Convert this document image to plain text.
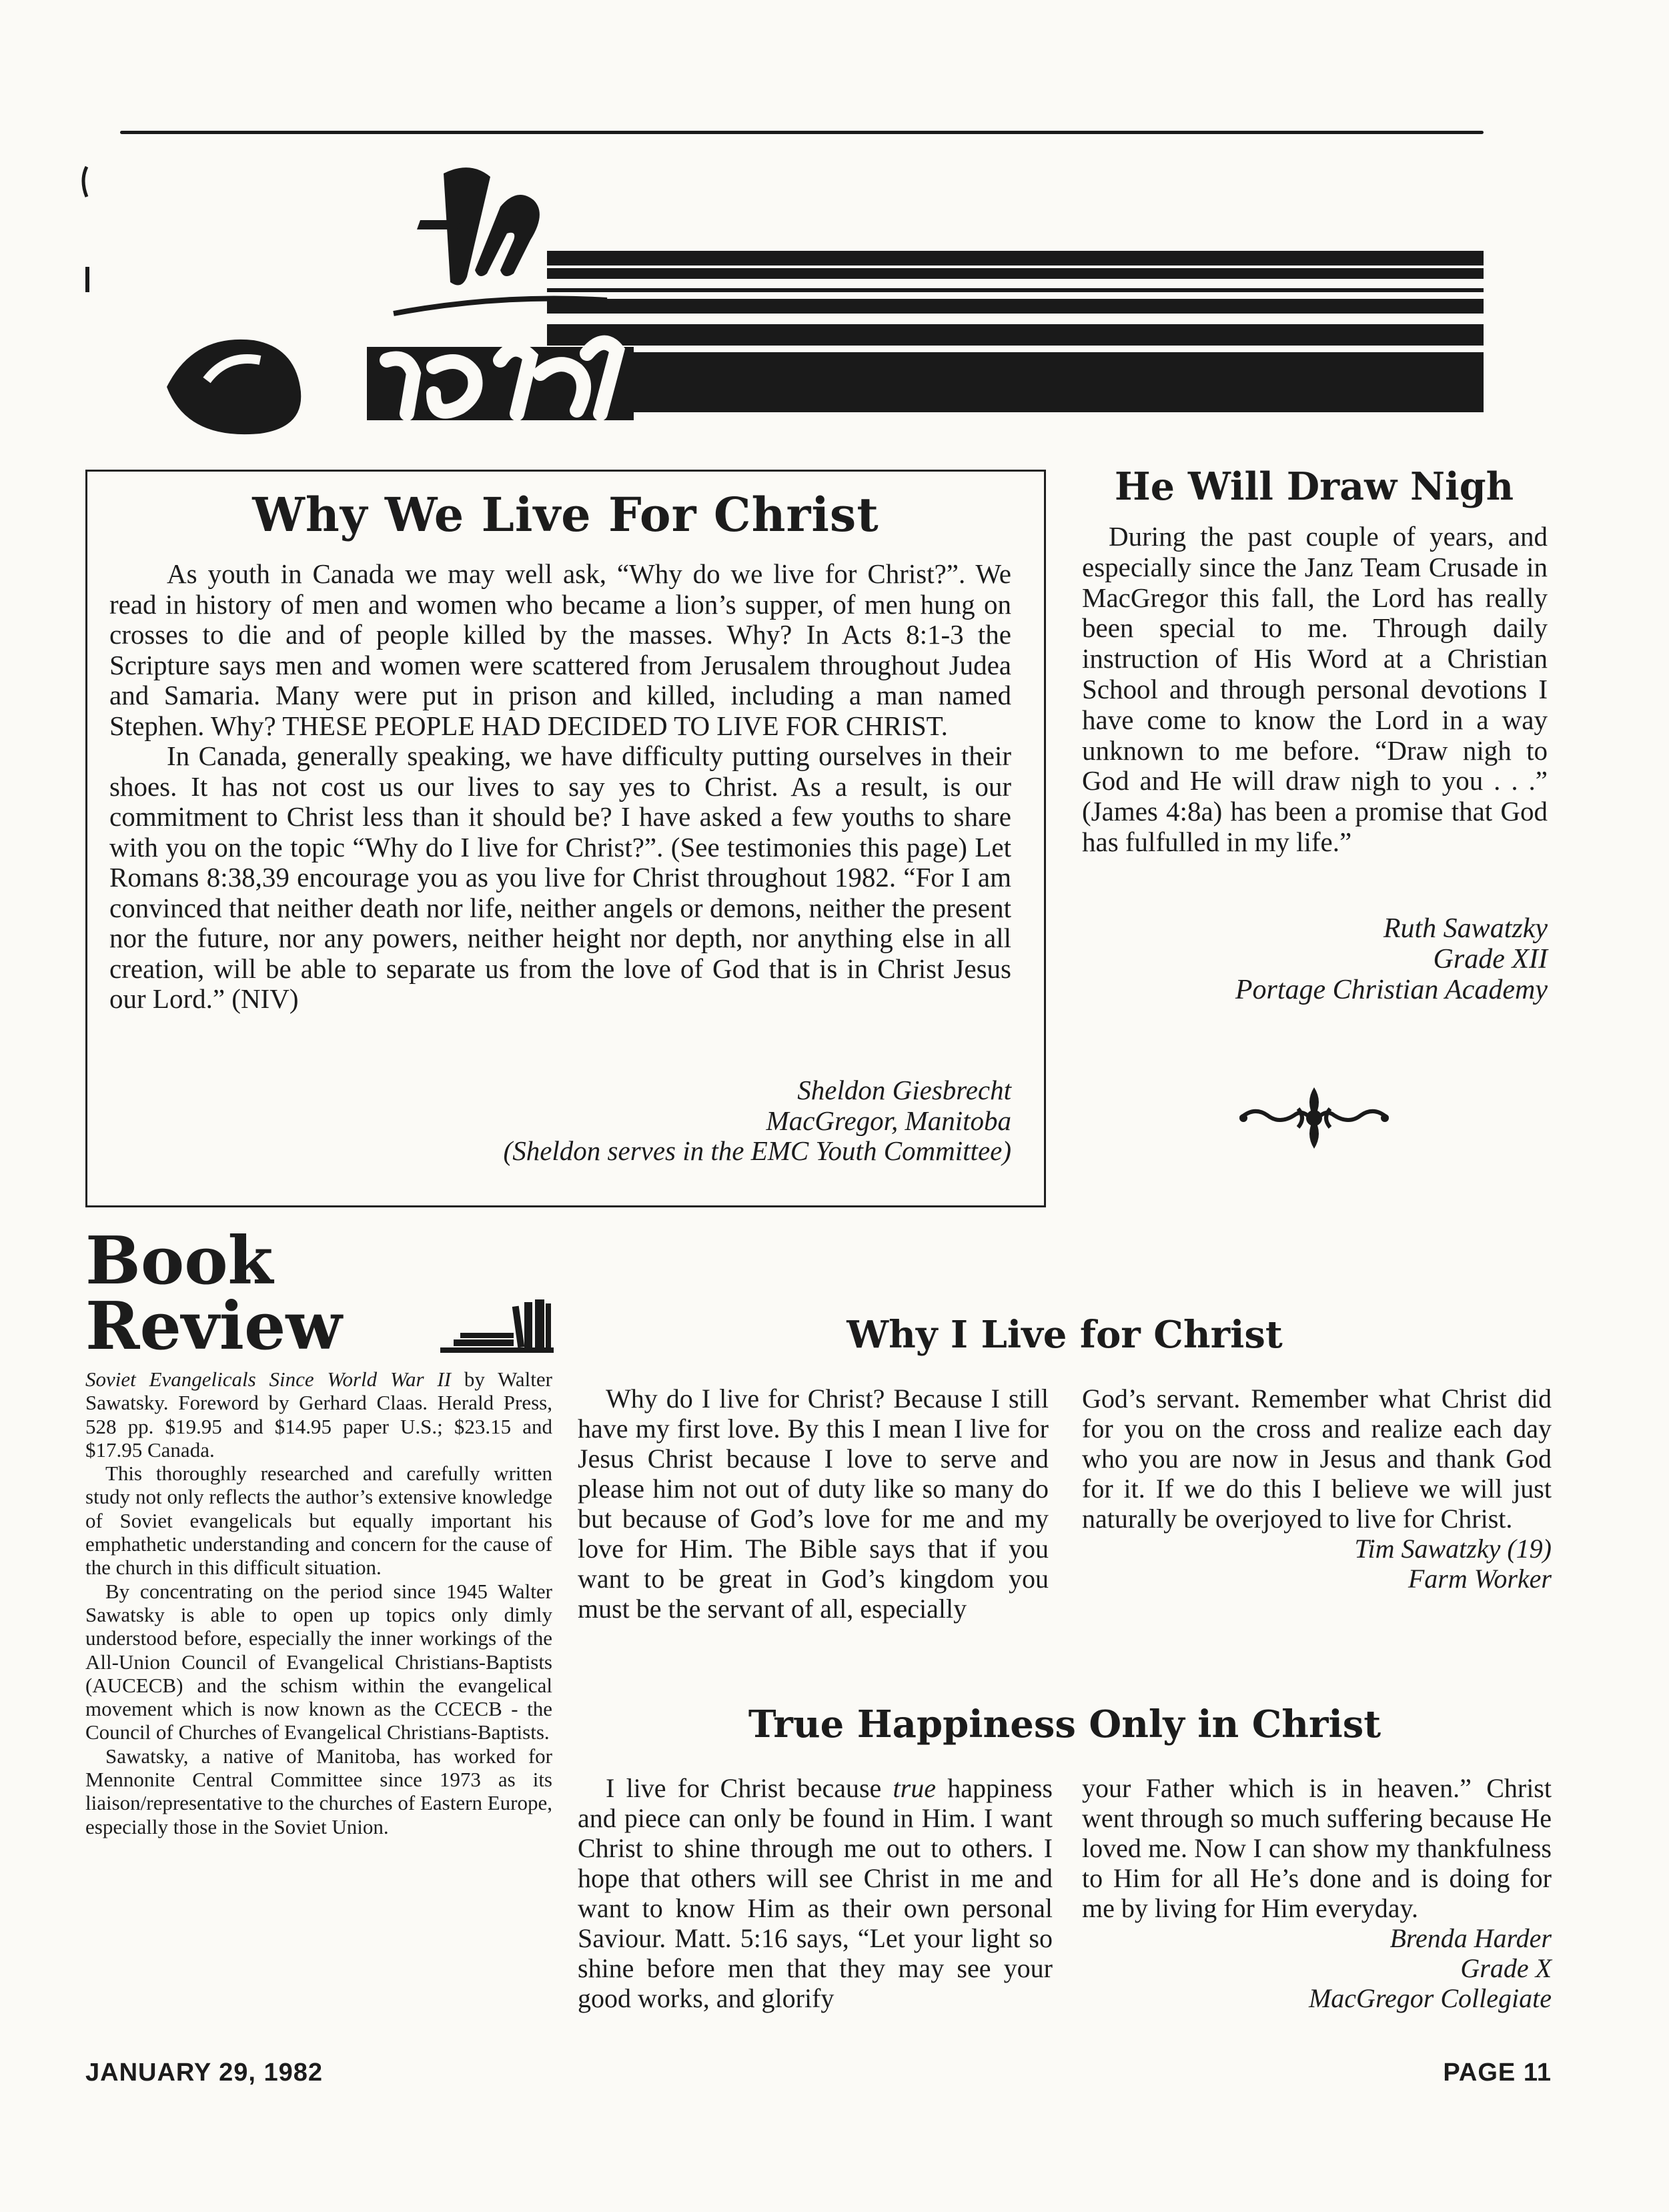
Why We Live For Christ

As youth in Canada we may well ask, “Why do we live for Christ?”. We read in history of men and women who became a lion’s supper, of men hung on crosses to die and of people killed by the masses. Why? In Acts 8:1-3 the Scripture says men and women were scattered from Jerusalem throughout Judea and Samaria. Many were put in prison and killed, including a man named Stephen. Why? THESE PEOPLE HAD DECIDED TO LIVE FOR CHRIST.

In Canada, generally speaking, we have difficulty putting ourselves in their shoes. It has not cost us our lives to say yes to Christ. As a result, is our commitment to Christ less than it should be? I have asked a few youths to share with you on the topic “Why do I live for Christ?”. (See testimonies this page) Let Romans 8:38,39 encourage you as you live for Christ throughout 1982. “For I am convinced that neither death nor life, neither angels or demons, neither the present nor the future, nor any powers, neither height nor depth, nor anything else in all creation, will be able to separate us from the love of God that is in Christ Jesus our Lord.” (NIV)

Sheldon Giesbrecht
MacGregor, Manitoba
(Sheldon serves in the EMC Youth Committee)
He Will Draw Nigh

During the past couple of years, and especially since the Janz Team Crusade in MacGregor this fall, the Lord has really been special to me. Through daily instruction of His Word at a Christian School and through personal devotions I have come to know the Lord in a way unknown to me before. “Draw nigh to God and He will draw nigh to you . . .” (James 4:8a) has been a promise that God has fulfulled in my life.”

Ruth Sawatzky
Grade XII
Portage Christian Academy
Book
Review

Soviet Evangelicals Since World War II by Walter Sawatsky. Foreword by Gerhard Claas. Herald Press, 528 pp. $19.95 and $14.95 paper U.S.; $23.15 and $17.95 Canada.

This thoroughly researched and carefully written study not only reflects the author’s extensive knowledge of Soviet evangelicals but equally important his emphathetic understanding and concern for the cause of the church in this difficult situation.

By concentrating on the period since 1945 Walter Sawatsky is able to open up topics only dimly understood before, especially the inner workings of the All-Union Council of Evangelical Christians-Baptists (AUCECB) and the schism within the evangelical movement which is now known as the CCECB - the Council of Churches of Evangelical Christians-Baptists.

Sawatsky, a native of Manitoba, has worked for Mennonite Central Committee since 1973 as its liaison/representative to the churches of Eastern Europe, especially those in the Soviet Union.

Why I Live for Christ

Why do I live for Christ? Because I still have my first love. By this I mean I live for Jesus Christ because I love to serve and please him not out of duty like so many do but because of God’s love for me and my love for Him. The Bible says that if you want to be great in God’s kingdom you must be the servant of all, especially

God’s servant. Remember what Christ did for you on the cross and realize each day who you are now in Jesus and thank God for it. If we do this I believe we will just naturally be overjoyed to live for Christ.

Tim Sawatzky (19)
Farm Worker
True Happiness Only in Christ

I live for Christ because true happiness and piece can only be found in Him. I want Christ to shine through me out to others. I hope that others will see Christ in me and want to know Him as their own personal Saviour. Matt. 5:16 says, “Let your light so shine before men that they may see your good works, and glorify

your Father which is in heaven.” Christ went through so much suffering because He loved me. Now I can show my thankfulness to Him for all He’s done and is doing for me by living for Him everyday.

Brenda Harder
Grade X
MacGregor Collegiate
JANUARY 29, 1982	PAGE 11
